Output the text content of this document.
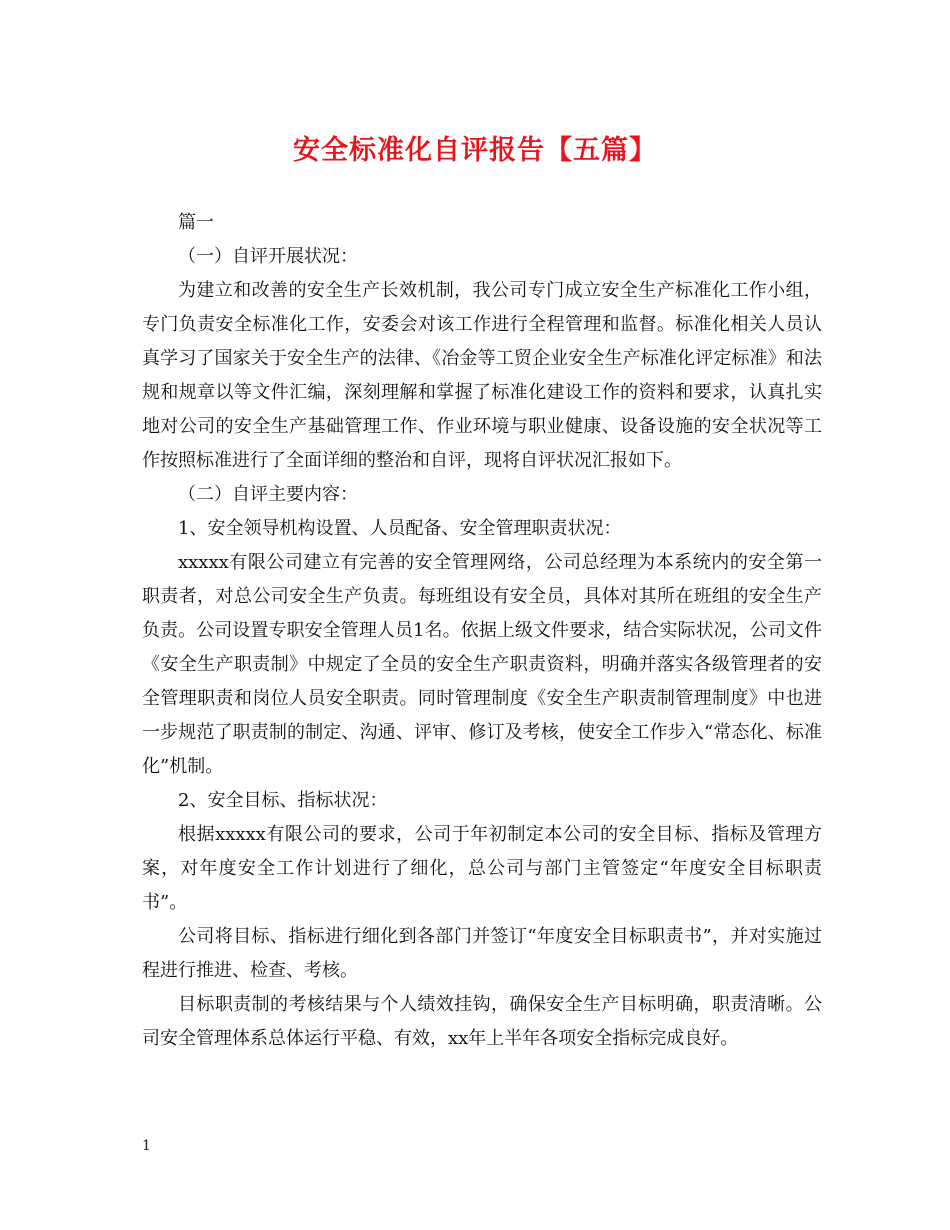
安全标准化自评报告【五篇】

篇一

（一）自评开展状况：

为建立和改善的安全生产长效机制，我公司专门成立安全生产标准化工作小组，专门负责安全标准化工作，安委会对该工作进行全程管理和监督。标准化相关人员认真学习了国家关于安全生产的法律、《冶金等工贸企业安全生产标准化评定标准》和法规和规章以等文件汇编，深刻理解和掌握了标准化建设工作的资料和要求，认真扎实地对公司的安全生产基础管理工作、作业环境与职业健康、设备设施的安全状况等工作按照标准进行了全面详细的整治和自评，现将自评状况汇报如下。

（二）自评主要内容：

1、安全领导机构设置、人员配备、安全管理职责状况：

xxxxx有限公司建立有完善的安全管理网络，公司总经理为本系统内的安全第一职责者，对总公司安全生产负责。每班组设有安全员，具体对其所在班组的安全生产负责。公司设置专职安全管理人员1名。依据上级文件要求，结合实际状况，公司文件《安全生产职责制》中规定了全员的安全生产职责资料，明确并落实各级管理者的安全管理职责和岗位人员安全职责。同时管理制度《安全生产职责制管理制度》中也进一步规范了职责制的制定、沟通、评审、修订及考核，使安全工作步入“常态化、标准化”机制。

2、安全目标、指标状况：

根据xxxxx有限公司的要求，公司于年初制定本公司的安全目标、指标及管理方案，对年度安全工作计划进行了细化，总公司与部门主管签定“年度安全目标职责书”。

公司将目标、指标进行细化到各部门并签订“年度安全目标职责书”，并对实施过程进行推进、检查、考核。

目标职责制的考核结果与个人绩效挂钩，确保安全生产目标明确，职责清晰。公司安全管理体系总体运行平稳、有效，xx年上半年各项安全指标完成良好。

1
